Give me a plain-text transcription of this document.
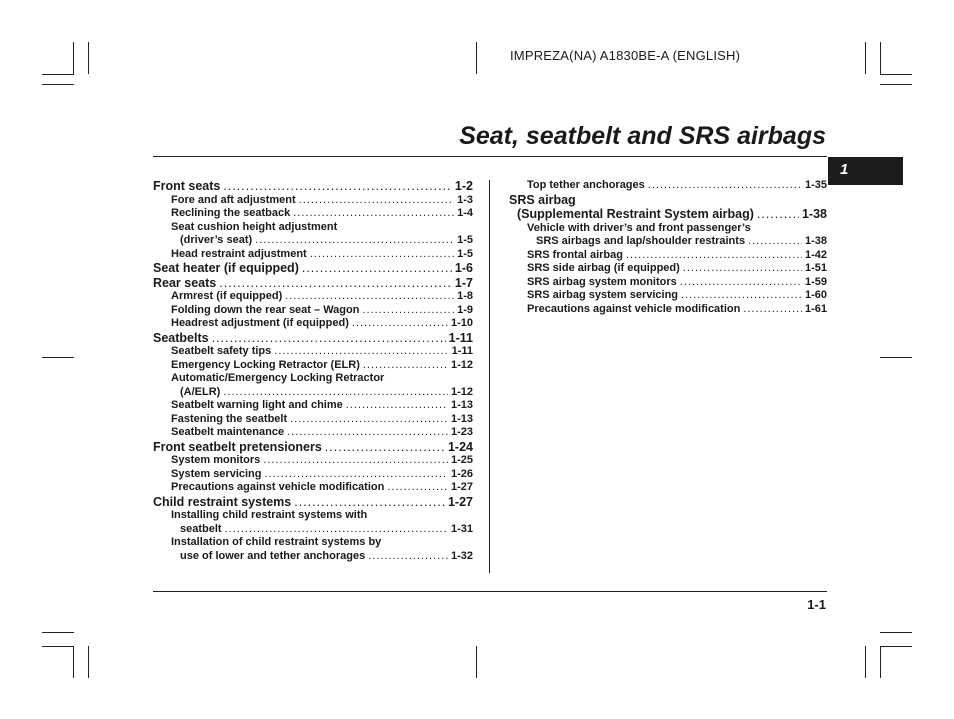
IMPREZA(NA) A1830BE-A (ENGLISH)
Seat, seatbelt and SRS airbags
1
Front seats .....	1-2
Fore and aft adjustment .....	1-3
Reclining the seatback .....	1-4
Seat cushion height adjustment
(driver’s seat) .....	1-5
Head restraint adjustment .....	1-5
Seat heater (if equipped) .....	1-6
Rear seats .....	1-7
Armrest (if equipped) .....	1-8
Folding down the rear seat – Wagon .....	1-9
Headrest adjustment (if equipped) .....	1-10
Seatbelts .....	1-11
Seatbelt safety tips .....	1-11
Emergency Locking Retractor (ELR) .....	1-12
Automatic/Emergency Locking Retractor
(A/ELR) .....	1-12
Seatbelt warning light and chime .....	1-13
Fastening the seatbelt .....	1-13
Seatbelt maintenance .....	1-23
Front seatbelt pretensioners .....	1-24
System monitors .....	1-25
System servicing .....	1-26
Precautions against vehicle modification .....	1-27
Child restraint systems .....	1-27
Installing child restraint systems with
seatbelt .....	1-31
Installation of child restraint systems by
use of lower and tether anchorages .....	1-32
Top tether anchorages .....	1-35
SRS airbag
(Supplemental Restraint System airbag) .....	1-38
Vehicle with driver’s and front passenger’s
SRS airbags and lap/shoulder restraints .....	1-38
SRS frontal airbag .....	1-42
SRS side airbag (if equipped) .....	1-51
SRS airbag system monitors .....	1-59
SRS airbag system servicing .....	1-60
Precautions against vehicle modification .....	1-61
1-1
